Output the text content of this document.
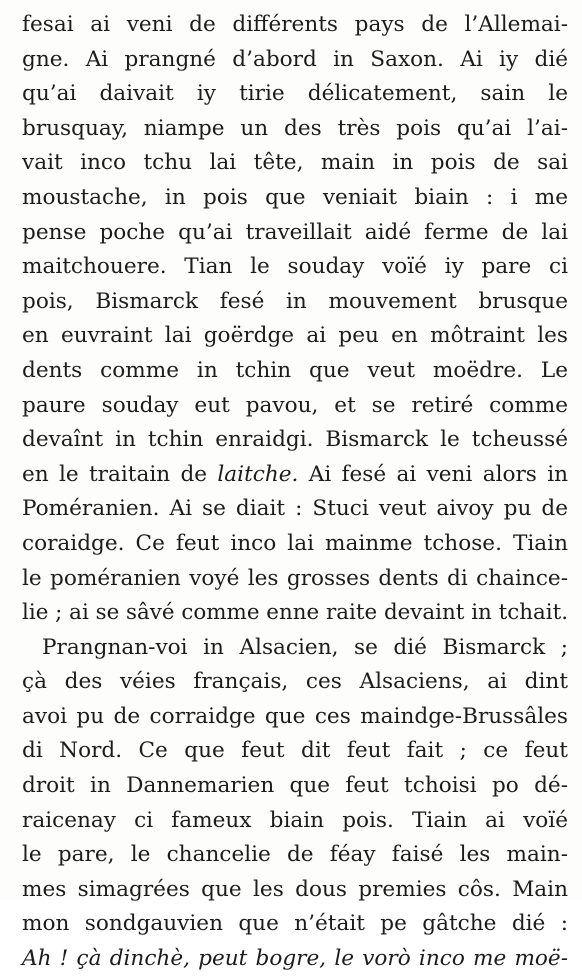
fesai ai veni de différents pays de l’Allemai-
gne. Ai prangné d’abord in Saxon. Ai iy dié
qu’ai daivait iy tirie délicatement, sain le
brusquay, niampe un des très pois qu’ai l’ai-
vait inco tchu lai tête, main in pois de sai
moustache, in pois que veniait biain : i me
pense poche qu’ai traveillait aidé ferme de lai
maitchouere. Tian le souday voïé iy pare ci
pois, Bismarck fesé in mouvement brusque
en euvraint lai goërdge ai peu en môtraint les
dents comme in tchin que veut moëdre. Le
paure souday eut pavou, et se retiré comme
devaînt in tchin enraidgi. Bismarck le tcheussé
en le traitain de laitche. Ai fesé ai veni alors in
Poméranien. Ai se diait : Stuci veut aivoy pu de
coraidge. Ce feut inco lai mainme tchose. Tiain
le poméranien voyé les grosses dents di chaince-
lie ; ai se sâvé comme enne raite devaint in tchait.
Prangnan-voi in Alsacien, se dié Bismarck ;
çà des véies français, ces Alsaciens, ai dint
avoi pu de corraidge que ces maindge-Brussâles
di Nord. Ce que feut dit feut fait ; ce feut
droit in Dannemarien que feut tchoisi po dé-
raicenay ci fameux biain pois. Tiain ai voïé
le pare, le chancelie de féay faisé les main-
mes simagrées que les dous premies côs. Main
mon sondgauvien que n’était pe gâtche dié :
Ah ! çà dinchè, peut bogre, le vorò inco me moë-
